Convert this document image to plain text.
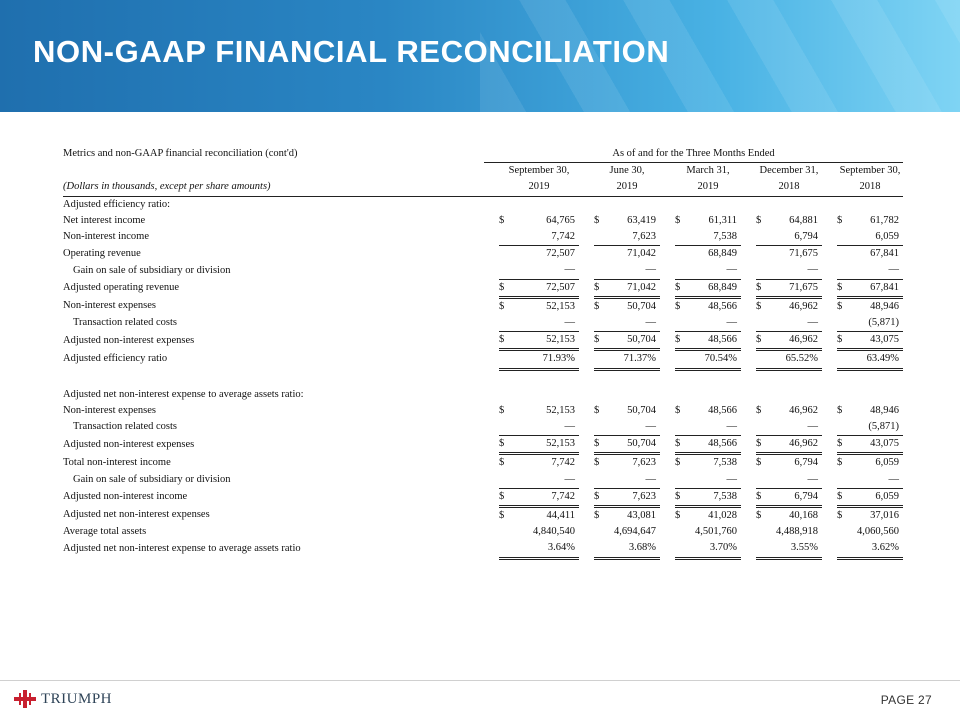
NON-GAAP FINANCIAL RECONCILIATION
Metrics and non-GAAP financial reconciliation (cont'd)	As of and for the Three Months Ended									
		September 30,		June 30,		March 31,		December 31,		September 30,
(Dollars in thousands, except per share amounts)		2019		2019		2019		2018		2018
Adjusted efficiency ratio:										
Net interest income		$ 64,765		$ 63,419		$ 61,311		$ 64,881		$ 61,782

Non-interest income		7,742		7,623		7,538		6,794		6,059

Operating revenue		72,507		71,042		68,849		71,675		67,841

Gain on sale of subsidiary or division		—		—		—		—		—

Adjusted operating revenue		$ 72,507		$ 71,042		$ 68,849		$ 71,675		$ 67,841

Non-interest expenses		$ 52,153		$ 50,704		$ 48,566		$ 46,962		$ 48,946

Transaction related costs		—		—		—		—		(5,871)

Adjusted non-interest expenses		$ 52,153		$ 50,704		$ 48,566		$ 46,962		$ 43,075

Adjusted efficiency ratio		71.93%		71.37%		70.54%		65.52%		63.49%

Adjusted net non-interest expense to average assets ratio:										
Non-interest expenses		$ 52,153		$ 50,704		$ 48,566		$ 46,962		$ 48,946

Transaction related costs		—		—		—		—		(5,871)

Adjusted non-interest expenses		$ 52,153		$ 50,704		$ 48,566		$ 46,962		$ 43,075

Total non-interest income		$ 7,742		$ 7,623		$ 7,538		$ 6,794		$ 6,059

Gain on sale of subsidiary or division		—		—		—		—		—

Adjusted non-interest income		$ 7,742		$ 7,623		$ 7,538		$ 6,794		$ 6,059

Adjusted net non-interest expenses		$ 44,411		$ 43,081		$ 41,028		$ 40,168		$ 37,016

Average total assets		4,840,540		4,694,647		4,501,760		4,488,918		4,060,560

Adjusted net non-interest expense to average assets ratio		3.64%		3.68%		3.70%		3.55%		3.62%
TRIUMPH	PAGE 27
